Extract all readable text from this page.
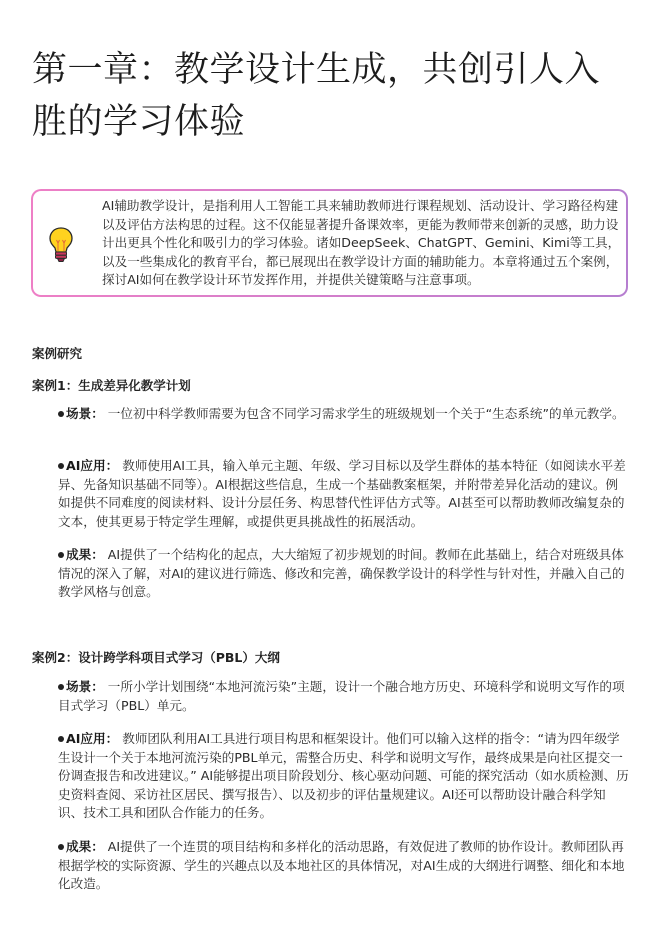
第一章：教学设计生成，共创引人入胜的学习体验

AI辅助教学设计，是指利用人工智能工具来辅助教师进行课程规划、活动设计、学习路径构建以及评估方法构思的过程。这不仅能显著提升备课效率，更能为教师带来创新的灵感，助力设计出更具个性化和吸引力的学习体验。诸如DeepSeek、ChatGPT、Gemini、Kimi等工具，以及一些集成化的教育平台，都已展现出在教学设计方面的辅助能力。本章将通过五个案例，探讨AI如何在教学设计环节发挥作用，并提供关键策略与注意事项。

案例研究

案例1：生成差异化教学计划

场景： 一位初中科学教师需要为包含不同学习需求学生的班级规划一个关于“生态系统”的单元教学。

AI应用： 教师使用AI工具，输入单元主题、年级、学习目标以及学生群体的基本特征（如阅读水平差异、先备知识基础不同等）。AI根据这些信息，生成一个基础教案框架，并附带差异化活动的建议。例如提供不同难度的阅读材料、设计分层任务、构思替代性评估方式等。AI甚至可以帮助教师改编复杂的文本，使其更易于特定学生理解，或提供更具挑战性的拓展活动。

成果： AI提供了一个结构化的起点，大大缩短了初步规划的时间。教师在此基础上，结合对班级具体情况的深入了解，对AI的建议进行筛选、修改和完善，确保教学设计的科学性与针对性，并融入自己的教学风格与创意。

案例2：设计跨学科项目式学习（PBL）大纲

场景： 一所小学计划围绕“本地河流污染”主题，设计一个融合地方历史、环境科学和说明文写作的项目式学习（PBL）单元。

AI应用： 教师团队利用AI工具进行项目构思和框架设计。他们可以输入这样的指令：“请为四年级学生设计一个关于本地河流污染的PBL单元，需整合历史、科学和说明文写作，最终成果是向社区提交一份调查报告和改进建议。” AI能够提出项目阶段划分、核心驱动问题、可能的探究活动（如水质检测、历史资料查阅、采访社区居民、撰写报告）、以及初步的评估量规建议。AI还可以帮助设计融合科学知识、技术工具和团队合作能力的任务。

成果： AI提供了一个连贯的项目结构和多样化的活动思路，有效促进了教师的协作设计。教师团队再根据学校的实际资源、学生的兴趣点以及本地社区的具体情况，对AI生成的大纲进行调整、细化和本地化改造。
